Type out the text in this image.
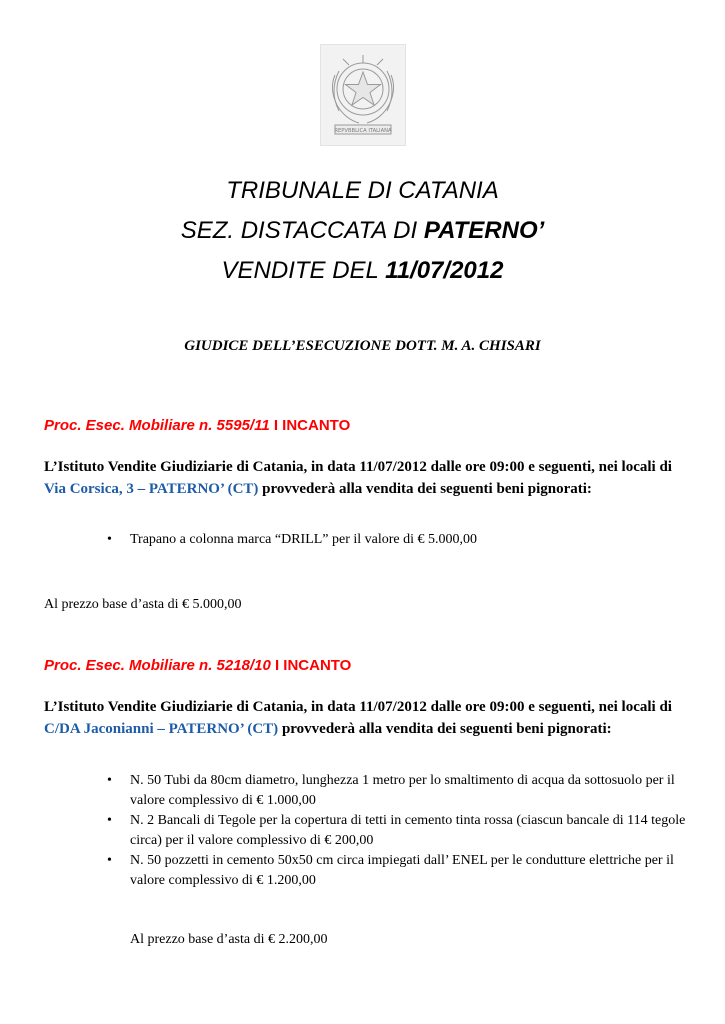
REPVBBLICA ITALIANA
TRIBUNALE DI CATANIA
SEZ. DISTACCATA DI PATERNO’
VENDITE DEL 11/07/2012
GIUDICE DELL’ESECUZIONE DOTT. M. A. CHISARI
Proc. Esec. Mobiliare n. 5595/11 I INCANTO
L’Istituto Vendite Giudiziarie di Catania, in data 11/07/2012 dalle ore 09:00 e seguenti, nei locali di Via Corsica, 3 – PATERNO’ (CT) provvederà alla vendita dei seguenti beni pignorati:
• Trapano a colonna marca “DRILL” per il valore di € 5.000,00
Al prezzo base d’asta di € 5.000,00
Proc. Esec. Mobiliare n. 5218/10 I INCANTO
L’Istituto Vendite Giudiziarie di Catania, in data 11/07/2012 dalle ore 09:00 e seguenti, nei locali di C/DA Jaconianni – PATERNO’ (CT) provvederà alla vendita dei seguenti beni pignorati:
• N. 50 Tubi da 80cm diametro, lunghezza 1 metro per lo smaltimento di acqua da sottosuolo per il valore complessivo di € 1.000,00
• N. 2 Bancali di Tegole per la copertura di tetti in cemento tinta rossa (ciascun bancale di 114 tegole circa) per il valore complessivo di € 200,00
• N. 50 pozzetti in cemento 50x50 cm circa impiegati dall’ ENEL per le condutture elettriche per il valore complessivo di € 1.200,00
Al prezzo base d’asta di € 2.200,00
